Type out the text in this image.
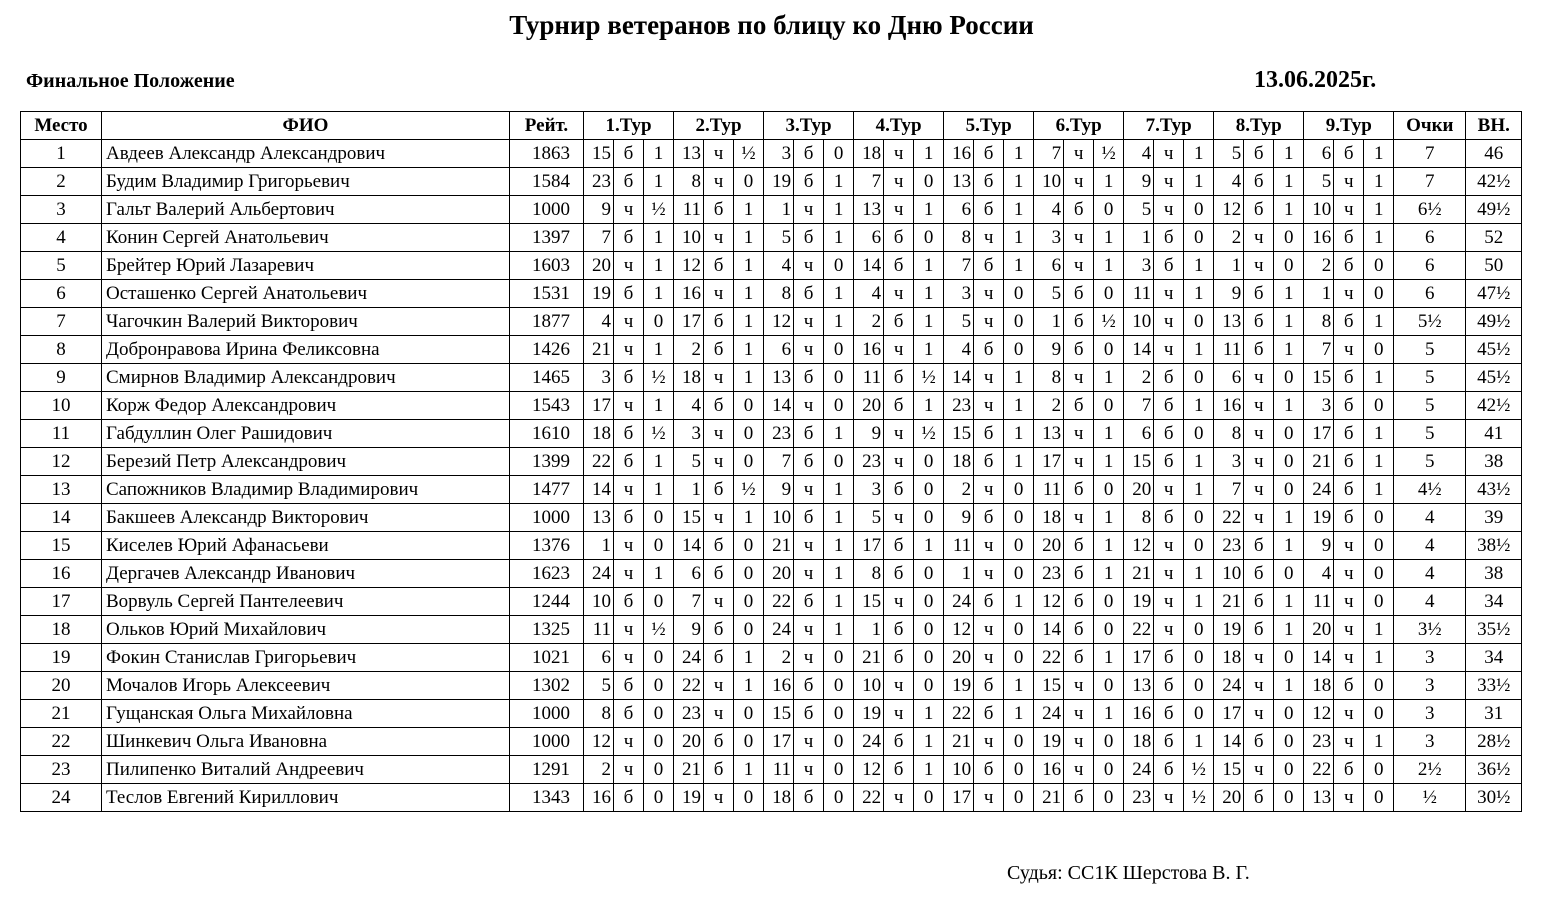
Турнир ветеранов по блицу ко Дню России
Финальное Положение	13.06.2025г.
Место	ФИО	Рейт.	1.Тур			2.Тур			3.Тур			4.Тур			5.Тур			6.Тур			7.Тур			8.Тур			9.Тур			Очки	ВН.
1	Авдеев Александр Александрович	1863	15	б	1	13	ч	½	3	б	0	18	ч	1	16	б	1	7	ч	½	4	ч	1	5	б	1	6	б	1	7	46
2	Будим Владимир Григорьевич	1584	23	б	1	8	ч	0	19	б	1	7	ч	0	13	б	1	10	ч	1	9	ч	1	4	б	1	5	ч	1	7	42½
3	Гальт Валерий Альбертович	1000	9	ч	½	11	б	1	1	ч	1	13	ч	1	6	б	1	4	б	0	5	ч	0	12	б	1	10	ч	1	6½	49½
4	Конин Сергей Анатольевич	1397	7	б	1	10	ч	1	5	б	1	6	б	0	8	ч	1	3	ч	1	1	б	0	2	ч	0	16	б	1	6	52
5	Брейтер Юрий Лазаревич	1603	20	ч	1	12	б	1	4	ч	0	14	б	1	7	б	1	6	ч	1	3	б	1	1	ч	0	2	б	0	6	50
6	Осташенко Сергей Анатольевич	1531	19	б	1	16	ч	1	8	б	1	4	ч	1	3	ч	0	5	б	0	11	ч	1	9	б	1	1	ч	0	6	47½
7	Чагочкин Валерий Викторович	1877	4	ч	0	17	б	1	12	ч	1	2	б	1	5	ч	0	1	б	½	10	ч	0	13	б	1	8	б	1	5½	49½
8	Добронравова Ирина Феликсовна	1426	21	ч	1	2	б	1	6	ч	0	16	ч	1	4	б	0	9	б	0	14	ч	1	11	б	1	7	ч	0	5	45½
9	Смирнов Владимир Александрович	1465	3	б	½	18	ч	1	13	б	0	11	б	½	14	ч	1	8	ч	1	2	б	0	6	ч	0	15	б	1	5	45½
10	Корж Федор Александрович	1543	17	ч	1	4	б	0	14	ч	0	20	б	1	23	ч	1	2	б	0	7	б	1	16	ч	1	3	б	0	5	42½
11	Габдуллин Олег Рашидович	1610	18	б	½	3	ч	0	23	б	1	9	ч	½	15	б	1	13	ч	1	6	б	0	8	ч	0	17	б	1	5	41
12	Березий Петр Александрович	1399	22	б	1	5	ч	0	7	б	0	23	ч	0	18	б	1	17	ч	1	15	б	1	3	ч	0	21	б	1	5	38
13	Сапожников Владимир Владимирович	1477	14	ч	1	1	б	½	9	ч	1	3	б	0	2	ч	0	11	б	0	20	ч	1	7	ч	0	24	б	1	4½	43½
14	Бакшеев Александр Викторович	1000	13	б	0	15	ч	1	10	б	1	5	ч	0	9	б	0	18	ч	1	8	б	0	22	ч	1	19	б	0	4	39
15	Киселев Юрий Афанасьеви	1376	1	ч	0	14	б	0	21	ч	1	17	б	1	11	ч	0	20	б	1	12	ч	0	23	б	1	9	ч	0	4	38½
16	Дергачев Александр Иванович	1623	24	ч	1	6	б	0	20	ч	1	8	б	0	1	ч	0	23	б	1	21	ч	1	10	б	0	4	ч	0	4	38
17	Ворвуль Сергей Пантелеевич	1244	10	б	0	7	ч	0	22	б	1	15	ч	0	24	б	1	12	б	0	19	ч	1	21	б	1	11	ч	0	4	34
18	Ольков Юрий Михайлович	1325	11	ч	½	9	б	0	24	ч	1	1	б	0	12	ч	0	14	б	0	22	ч	0	19	б	1	20	ч	1	3½	35½
19	Фокин Станислав Григорьевич	1021	6	ч	0	24	б	1	2	ч	0	21	б	0	20	ч	0	22	б	1	17	б	0	18	ч	0	14	ч	1	3	34
20	Мочалов Игорь Алексеевич	1302	5	б	0	22	ч	1	16	б	0	10	ч	0	19	б	1	15	ч	0	13	б	0	24	ч	1	18	б	0	3	33½
21	Гущанская Ольга Михайловна	1000	8	б	0	23	ч	0	15	б	0	19	ч	1	22	б	1	24	ч	1	16	б	0	17	ч	0	12	ч	0	3	31
22	Шинкевич Ольга Ивановна	1000	12	ч	0	20	б	0	17	ч	0	24	б	1	21	ч	0	19	ч	0	18	б	1	14	б	0	23	ч	1	3	28½
23	Пилипенко Виталий Андреевич	1291	2	ч	0	21	б	1	11	ч	0	12	б	1	10	б	0	16	ч	0	24	б	½	15	ч	0	22	б	0	2½	36½
24	Теслов Евгений Кириллович	1343	16	б	0	19	ч	0	18	б	0	22	ч	0	17	ч	0	21	б	0	23	ч	½	20	б	0	13	ч	0	½	30½
Судья: СС1К Шерстова В. Г.
